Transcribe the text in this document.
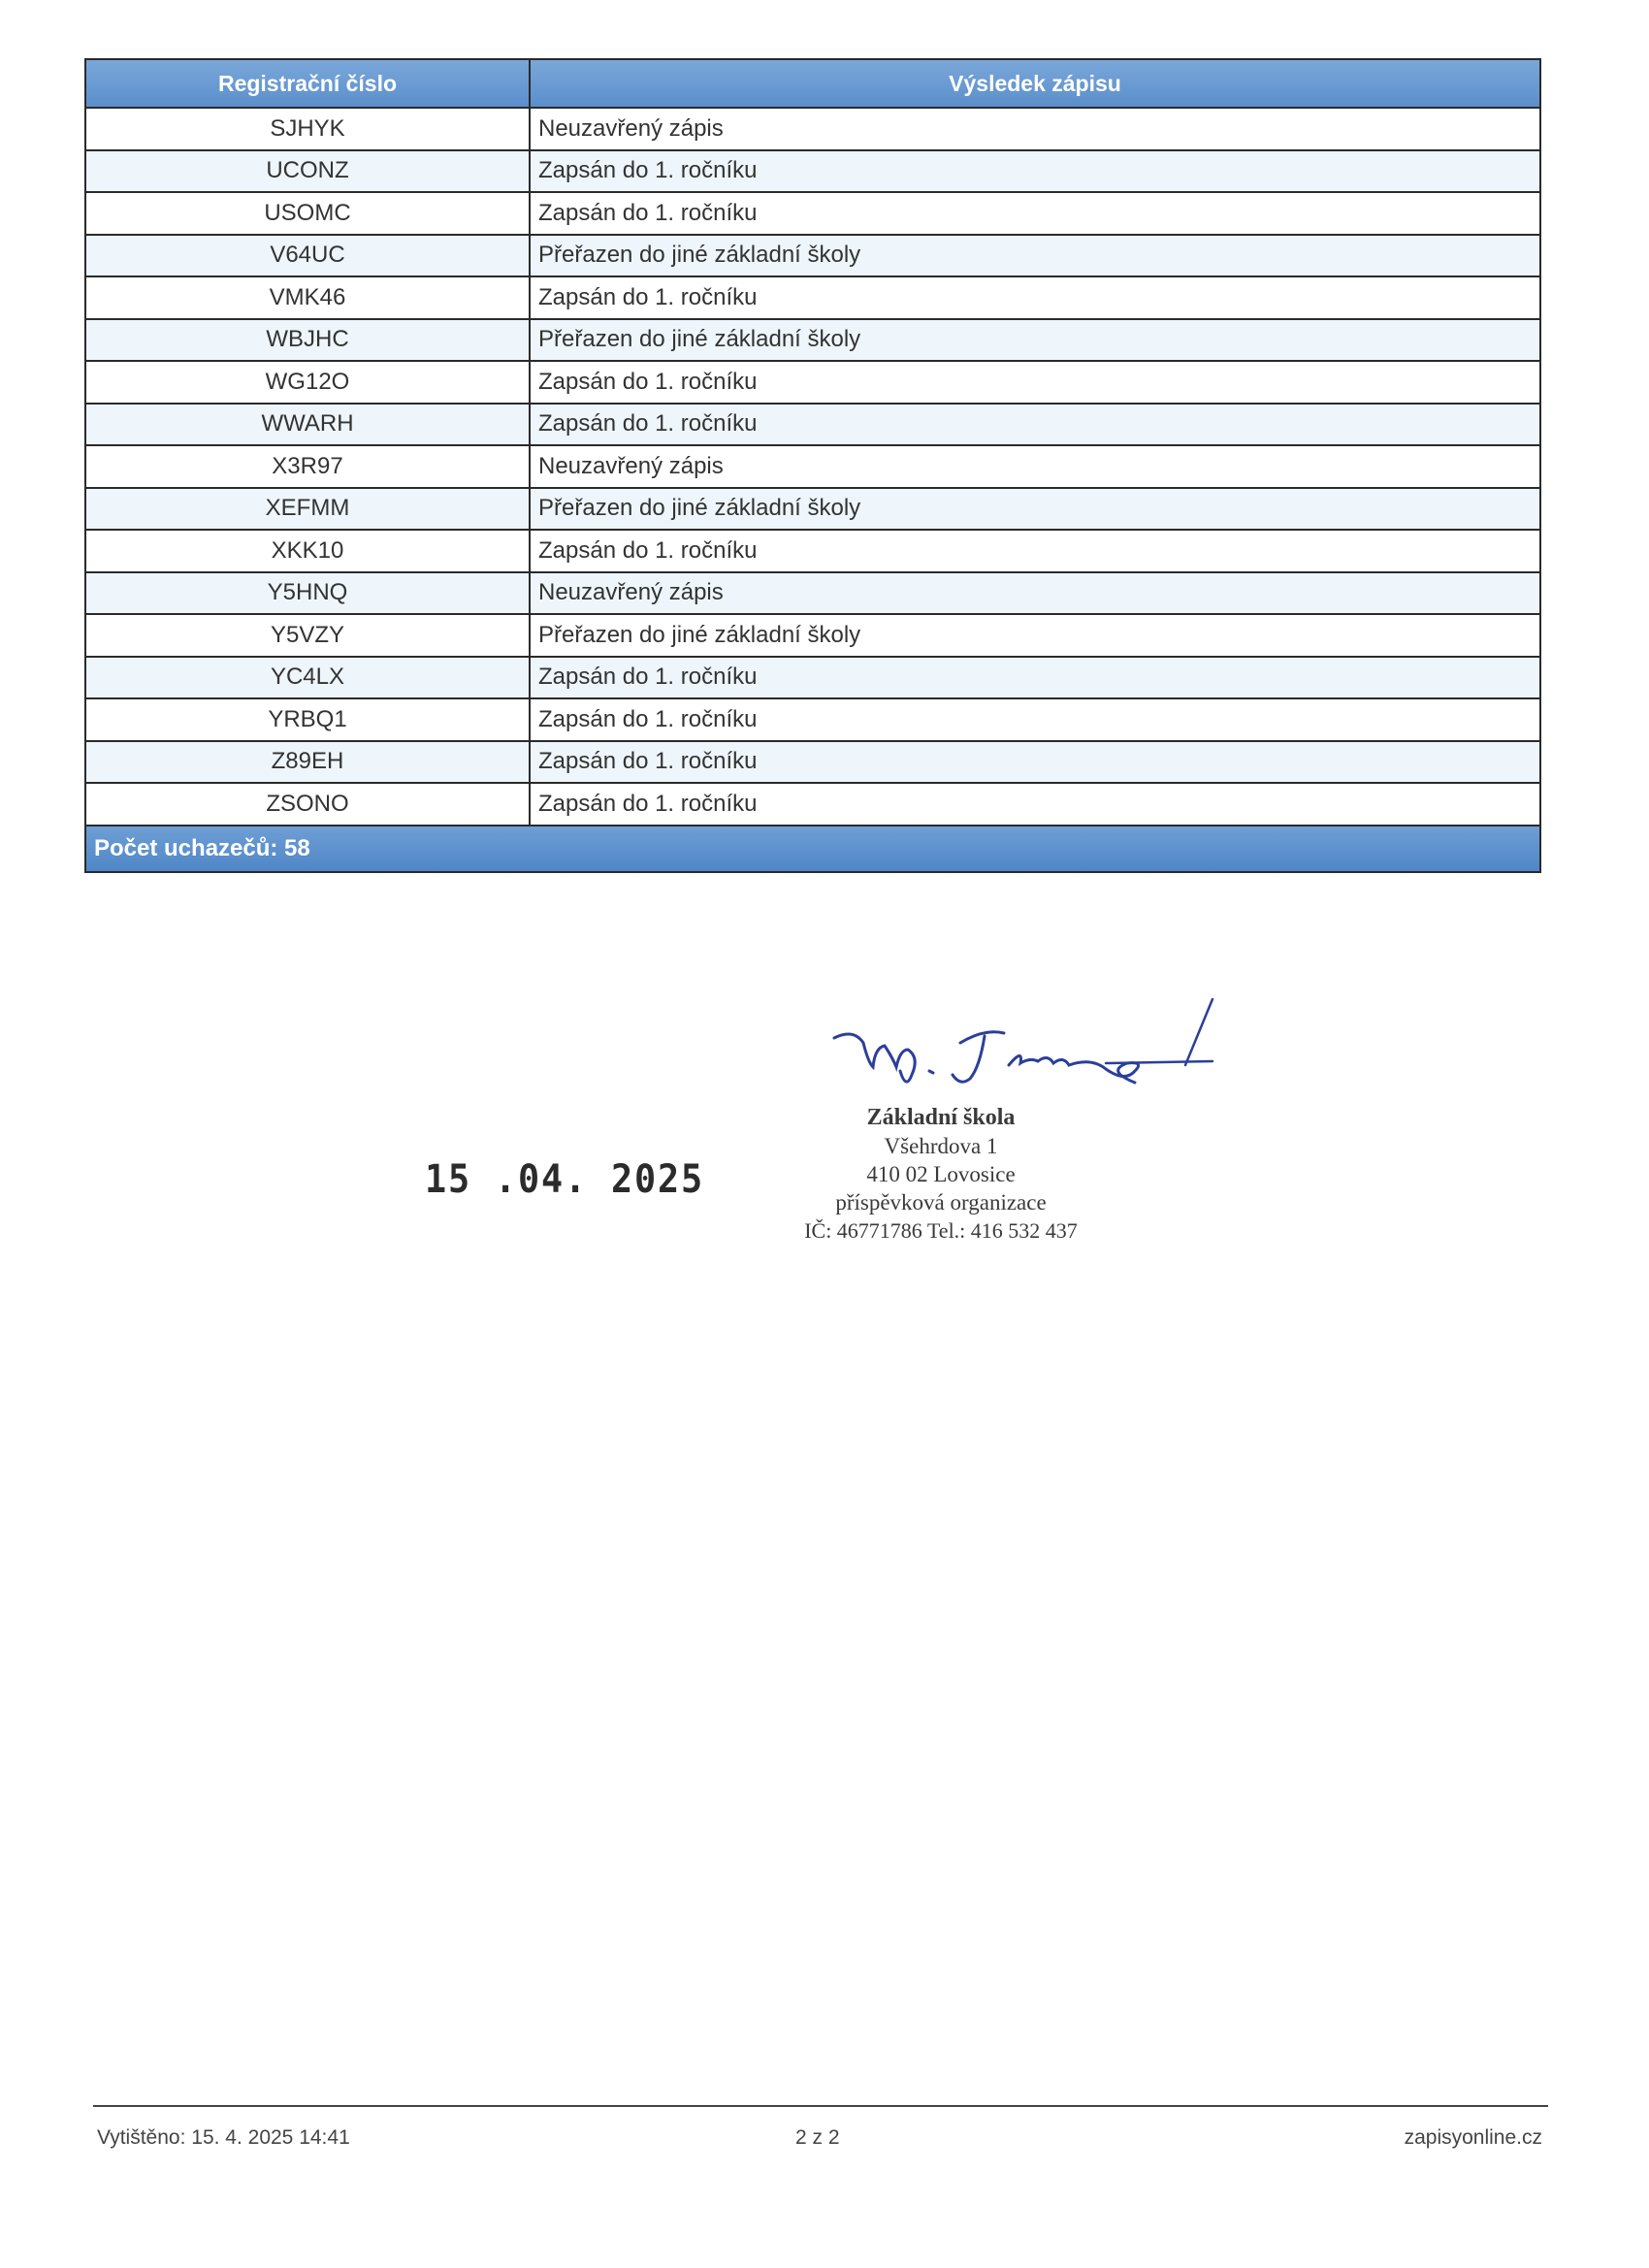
Registrační číslo	Výsledek zápisu
SJHYK	Neuzavřený zápis
UCONZ	Zapsán do 1. ročníku
USOMC	Zapsán do 1. ročníku
V64UC	Přeřazen do jiné základní školy
VMK46	Zapsán do 1. ročníku
WBJHC	Přeřazen do jiné základní školy
WG12O	Zapsán do 1. ročníku
WWARH	Zapsán do 1. ročníku
X3R97	Neuzavřený zápis
XEFMM	Přeřazen do jiné základní školy
XKK10	Zapsán do 1. ročníku
Y5HNQ	Neuzavřený zápis
Y5VZY	Přeřazen do jiné základní školy
YC4LX	Zapsán do 1. ročníku
YRBQ1	Zapsán do 1. ročníku
Z89EH	Zapsán do 1. ročníku
ZSONO	Zapsán do 1. ročníku
Počet uchazečů: 58	
15 .04. 2025
Základní škola
Všehrdova 1
410 02 Lovosice
příspěvková organizace
IČ: 46771786 Tel.: 416 532 437
Vytištěno: 15. 4. 2025 14:41	2 z 2	zapisyonline.cz
